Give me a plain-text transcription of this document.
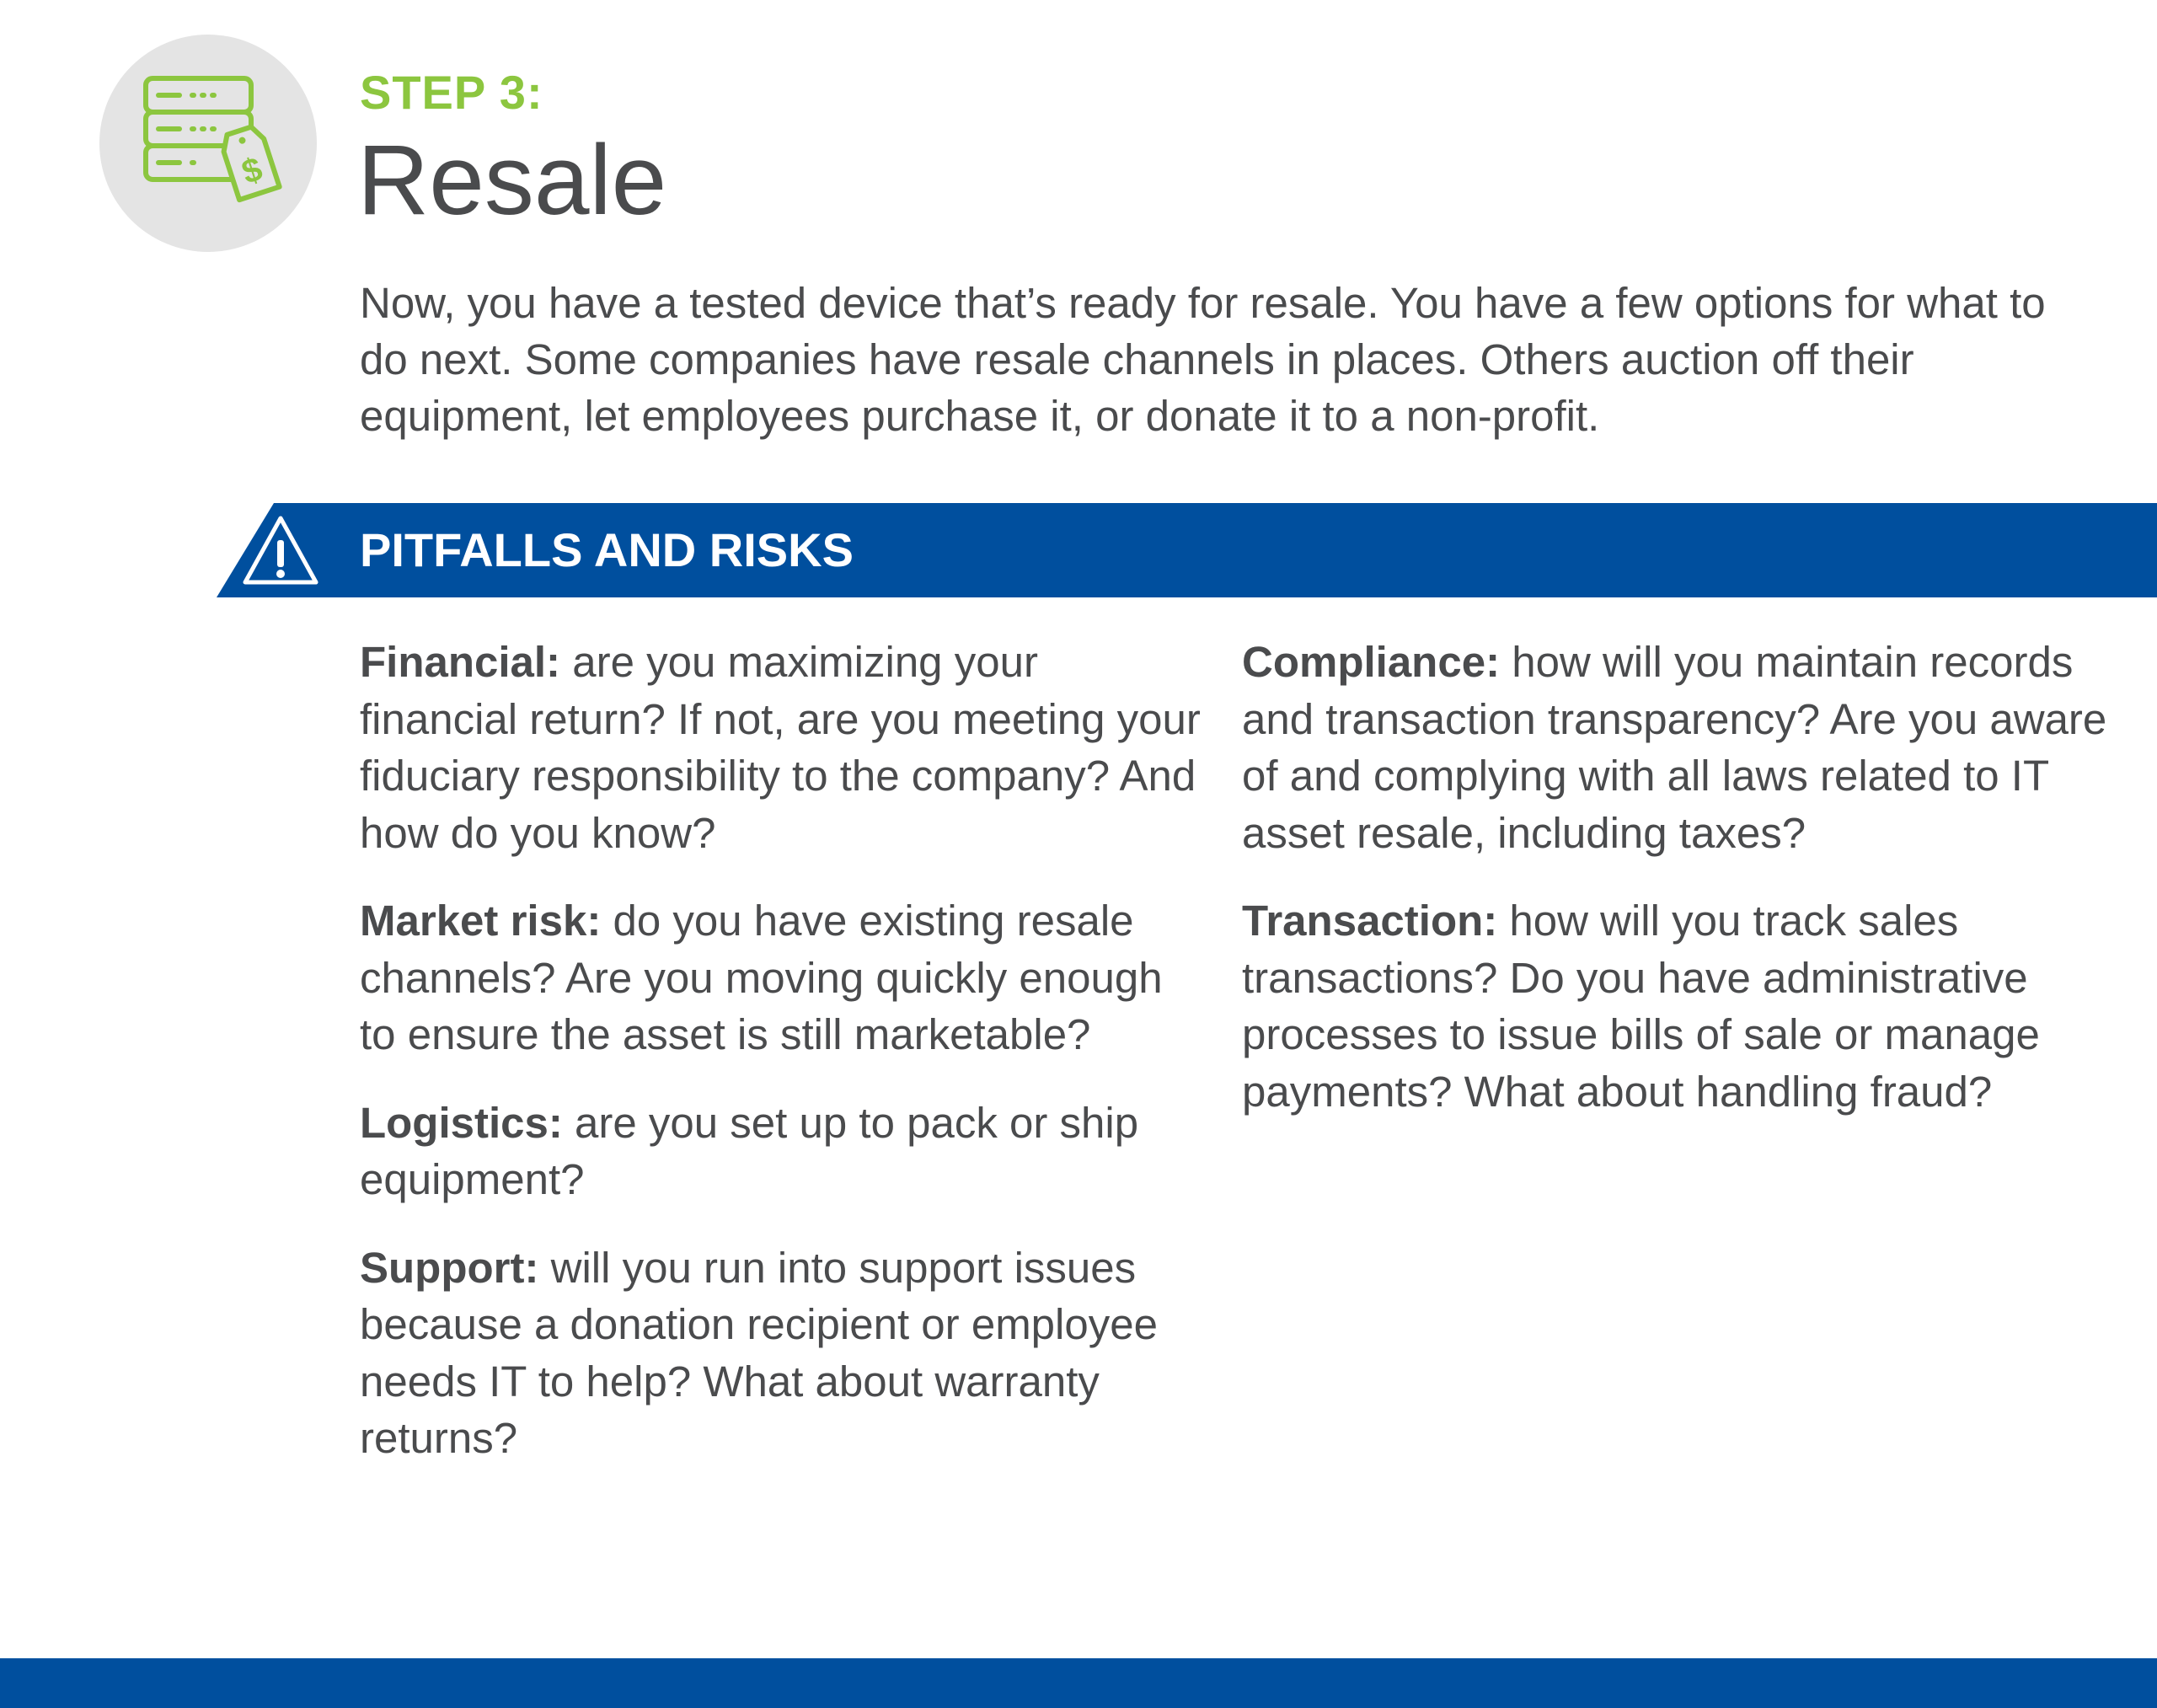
$

STEP 3:

Resale

Now, you have a tested device that’s ready for resale. You have a few options for what to do next. Some companies have resale channels in places. Others auction off their equipment, let employees purchase it, or donate it to a non-profit.

PITFALLS AND RISKS

Financial: are you maximizing your financial return? If not, are you meeting your fiduciary responsibility to the company? And how do you know?

Market risk: do you have existing resale channels? Are you moving quickly enough to ensure the asset is still marketable?

Logistics: are you set up to pack or ship equipment?

Support: will you run into support issues because a donation recipient or employee needs IT to help? What about warranty returns?

Compliance: how will you maintain records and transaction transparency? Are you aware of and complying with all laws related to IT asset resale, including taxes?

Transaction: how will you track sales transactions? Do you have administrative processes to issue bills of sale or manage payments? What about handling fraud?
